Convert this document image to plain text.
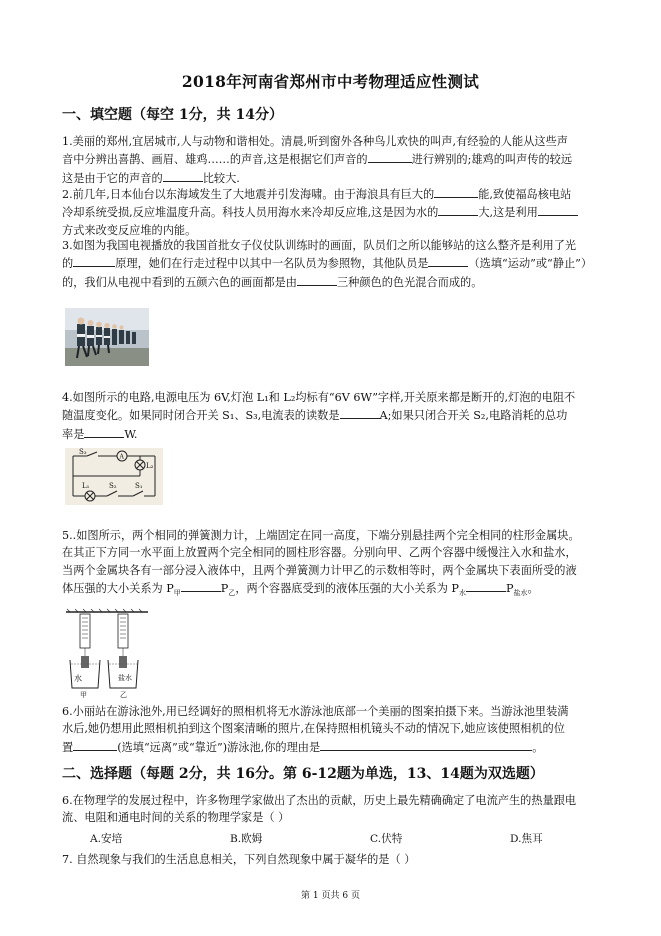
2018年河南省郑州市中考物理适应性测试
一、填空题（每空 1分，共 14分）

1.美丽的郑州,宜居城市,人与动物和谐相处。清晨,听到窗外各种鸟儿欢快的叫声,有经验的人能从这些声

音中分辨出喜鹊、画眉、雄鸡……的声音,这是根据它们声音的	进行辨别的;雄鸡的叫声传的较远

这是由于它的声音的	比较大.

2.前几年,日本仙台以东海域发生了大地震并引发海啸。由于海浪具有巨大的	能,致使福岛核电站

冷却系统受损,反应堆温度升高。科技人员用海水来冷却反应堆,这是因为水的	大,这是利用

方式来改变反应堆的内能。

3.如图为我国电视播放的我国首批女子仪仗队训练时的画面，队员们之所以能够站的这么整齐是利用了光

的	原理，她们在行走过程中以其中一名队员为参照物，其他队员是	（选填“运动”或“静止”）

的，我们从电视中看到的五颜六色的画面都是由	三种颜色的色光混合而成的。

4.如图所示的电路,电源电压为 6V,灯泡 L₁和 L₂均标有“6V 6W”字样,开关原来都是断开的,灯泡的电阻不

随温度变化。如果同时闭合开关 S₁、S₃,电流表的读数是	A;如果只闭合开关 S₂,电路消耗的总功

率是	W.

S₃
A
L₂
L₁	S₂	S₁

5..如图所示，两个相同的弹簧测力计，上端固定在同一高度，下端分别悬挂两个完全相同的柱形金属块。

在其正下方同一水平面上放置两个完全相同的圆柱形容器。分别向甲、乙两个容器中缓慢注入水和盐水，

当两个金属块各有一部分浸入液体中，且两个弹簧测力计甲乙的示数相等时，两个金属块下表面所受的液

体压强的大小关系为 $P_甲$	$P_乙$，两个容器底受到的液体压强的大小关系为 $P_水$	$P_{盐水}$。

水	盐水
甲	乙

6.小丽站在游泳池外,用已经调好的照相机将无水游泳池底部一个美丽的图案拍摄下来。当游泳池里装满

水后,她仍想用此照相机拍到这个图案清晰的照片,在保持照相机镜头不动的情况下,她应该使照相机的位

置	(选填“远离”或“靠近”)游泳池,你的理由是	。

二、选择题（每题 2分，共 16分。第 6-12题为单选，13、14题为双选题）

6.在物理学的发展过程中，许多物理学家做出了杰出的贡献，历史上最先精确确定了电流产生的热量跟电

流、电阻和通电时间的关系的物理学家是（ ）

A.安培	B.欧姆	C.伏特	D.焦耳

7. 自然现象与我们的生活息息相关，下列自然现象中属于凝华的是（ ）

第 1 页共 6 页
